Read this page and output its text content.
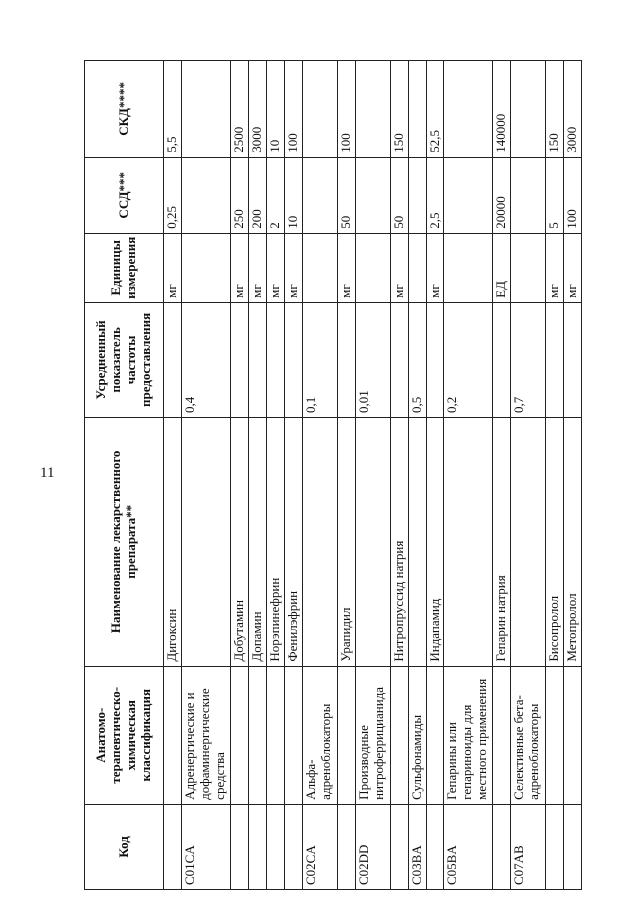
11
Код	Анатомо-терапевтическо-химическая классификация	Наименование лекарственного препарата**	Усредненный показатель частоты предоставления	Единицы измерения	ССД***	СКД****
		Дигоксин		мг	0,25	5,5
C01CA	Адренергические и дофаминергические средства		0,4			
		Добутамин		мг	250	2500
		Допамин		мг	200	3000
		Норэпинефрин		мг	2	10
		Фенилэфрин		мг	10	100
C02CA	Альфа-адреноблокаторы		0,1			
		Урапидил		мг	50	100
C02DD	Производные нитроферрицианида		0,01			
		Нитропруссид натрия		мг	50	150
C03BA	Сульфонамиды		0,5			
		Индапамид		мг	2,5	52,5
C05BA	Гепарины или гепариноиды для местного применения		0,2			
		Гепарин натрия		ЕД	20000	140000
C07AB	Селективные бета-адреноблокаторы		0,7			
		Бисопролол		мг	5	150
		Метопролол		мг	100	3000
